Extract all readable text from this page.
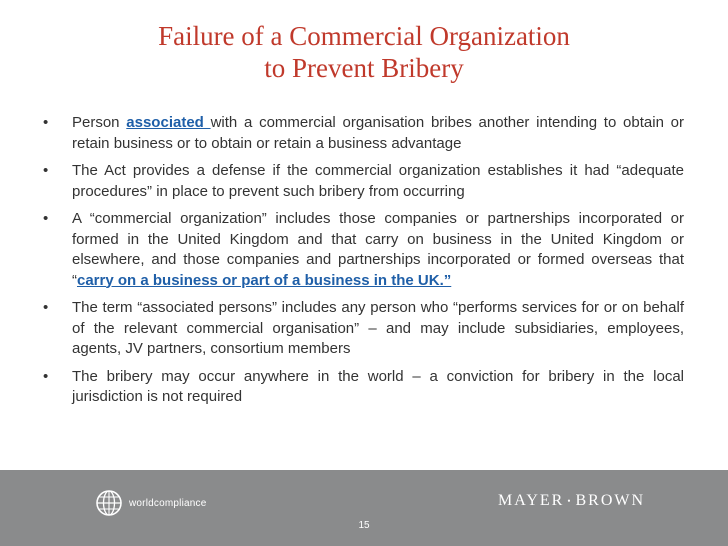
Failure of a Commercial Organization
to Prevent Bribery
• Person associated with a commercial organisation bribes another intending to obtain or retain business or to obtain or retain a business advantage
• The Act provides a defense if the commercial organization establishes it had “adequate procedures” in place to prevent such bribery from occurring
• A “commercial organization” includes those companies or partnerships incorporated or formed in the United Kingdom and that carry on business in the United Kingdom or elsewhere, and those companies and partnerships incorporated or formed overseas that “carry on a business or part of a business in the UK.”
• The term “associated persons” includes any person who “performs services for or on behalf of the relevant commercial organisation” – and may include subsidiaries, employees, agents, JV partners, consortium members
• The bribery may occur anywhere in the world – a conviction for bribery in the local jurisdiction is not required
worldcompliance	MAYER • BROWN
15
